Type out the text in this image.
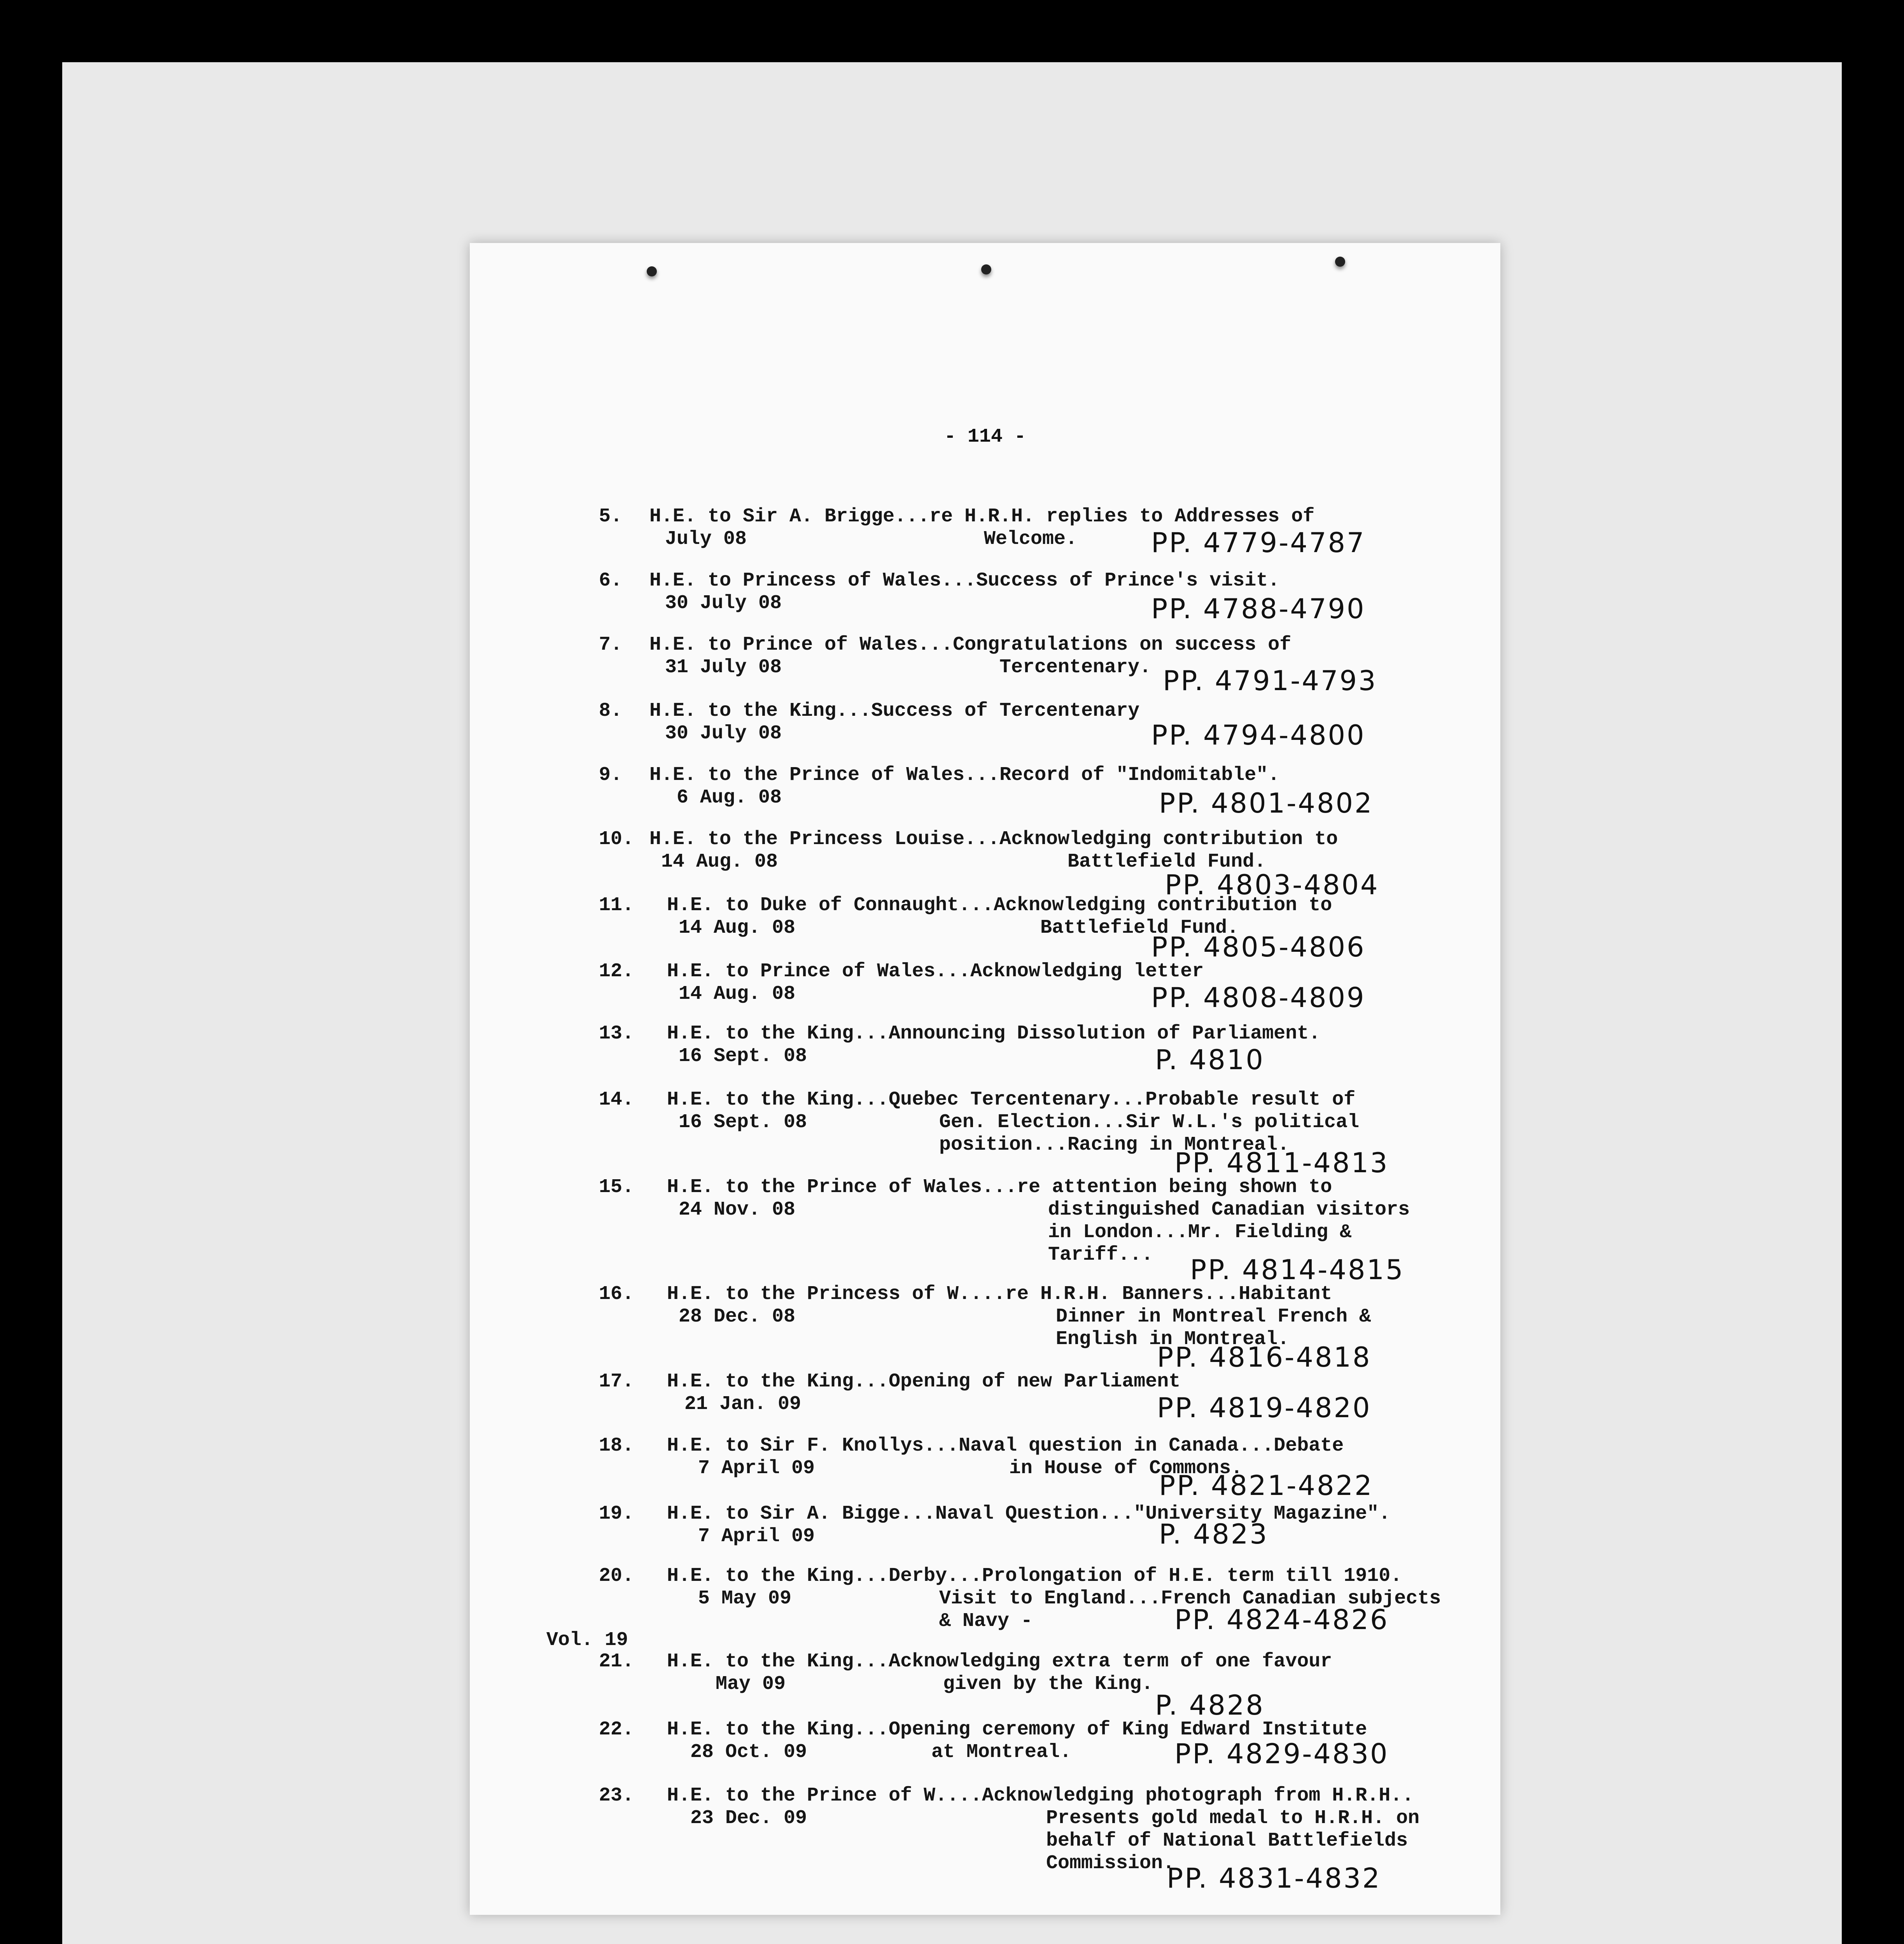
- 114 -
5. H.E. to Sir A. Brigge...re H.R.H. replies to Addresses of
July 08	Welcome.	PP. 4779-4787
6. H.E. to Princess of Wales...Success of Prince's visit.
30 July 08	PP. 4788-4790
7. H.E. to Prince of Wales...Congratulations on success of
31 July 08	Tercentenary. PP. 4791-4793
8. H.E. to the King...Success of Tercentenary
30 July 08	PP. 4794-4800
9. H.E. to the Prince of Wales...Record of "Indomitable".
6 Aug. 08	PP. 4801-4802
10. H.E. to the Princess Louise...Acknowledging contribution to
14 Aug. 08	Battlefield Fund.
PP. 4803-4804
11. H.E. to Duke of Connaught...Acknowledging contribution to
14 Aug. 08	Battlefield Fund.
PP. 4805-4806
12. H.E. to Prince of Wales...Acknowledging letter
14 Aug. 08	PP. 4808-4809
13. H.E. to the King...Announcing Dissolution of Parliament.
16 Sept. 08	P. 4810
14. H.E. to the King...Quebec Tercentenary...Probable result of
16 Sept. 08	Gen. Election...Sir W.L.'s political
position...Racing in Montreal.
PP. 4811-4813
15. H.E. to the Prince of Wales...re attention being shown to
24 Nov. 08	distinguished Canadian visitors
in London...Mr. Fielding &
Tariff... PP. 4814-4815
16. H.E. to the Princess of W....re H.R.H. Banners...Habitant
28 Dec. 08	Dinner in Montreal French &
English in Montreal.
PP. 4816-4818
17. H.E. to the King...Opening of new Parliament
21 Jan. 09	PP. 4819-4820
18. H.E. to Sir F. Knollys...Naval question in Canada...Debate
7 April 09	in House of Commons.
PP. 4821-4822
19. H.E. to Sir A. Bigge...Naval Question..."University Magazine".
7 April 09	P. 4823
20. H.E. to the King...Derby...Prolongation of H.E. term till 1910.
5 May 09	Visit to England...French Canadian subjects
& Navy -	PP. 4824-4826
Vol. 19
21. H.E. to the King...Acknowledging extra term of one favour
May 09	given by the King.
P. 4828
22. H.E. to the King...Opening ceremony of King Edward Institute
28 Oct. 09	at Montreal.	PP. 4829-4830
23. H.E. to the Prince of W....Acknowledging photograph from H.R.H..
23 Dec. 09	Presents gold medal to H.R.H. on
behalf of National Battlefields
Commission.
PP. 4831-4832
